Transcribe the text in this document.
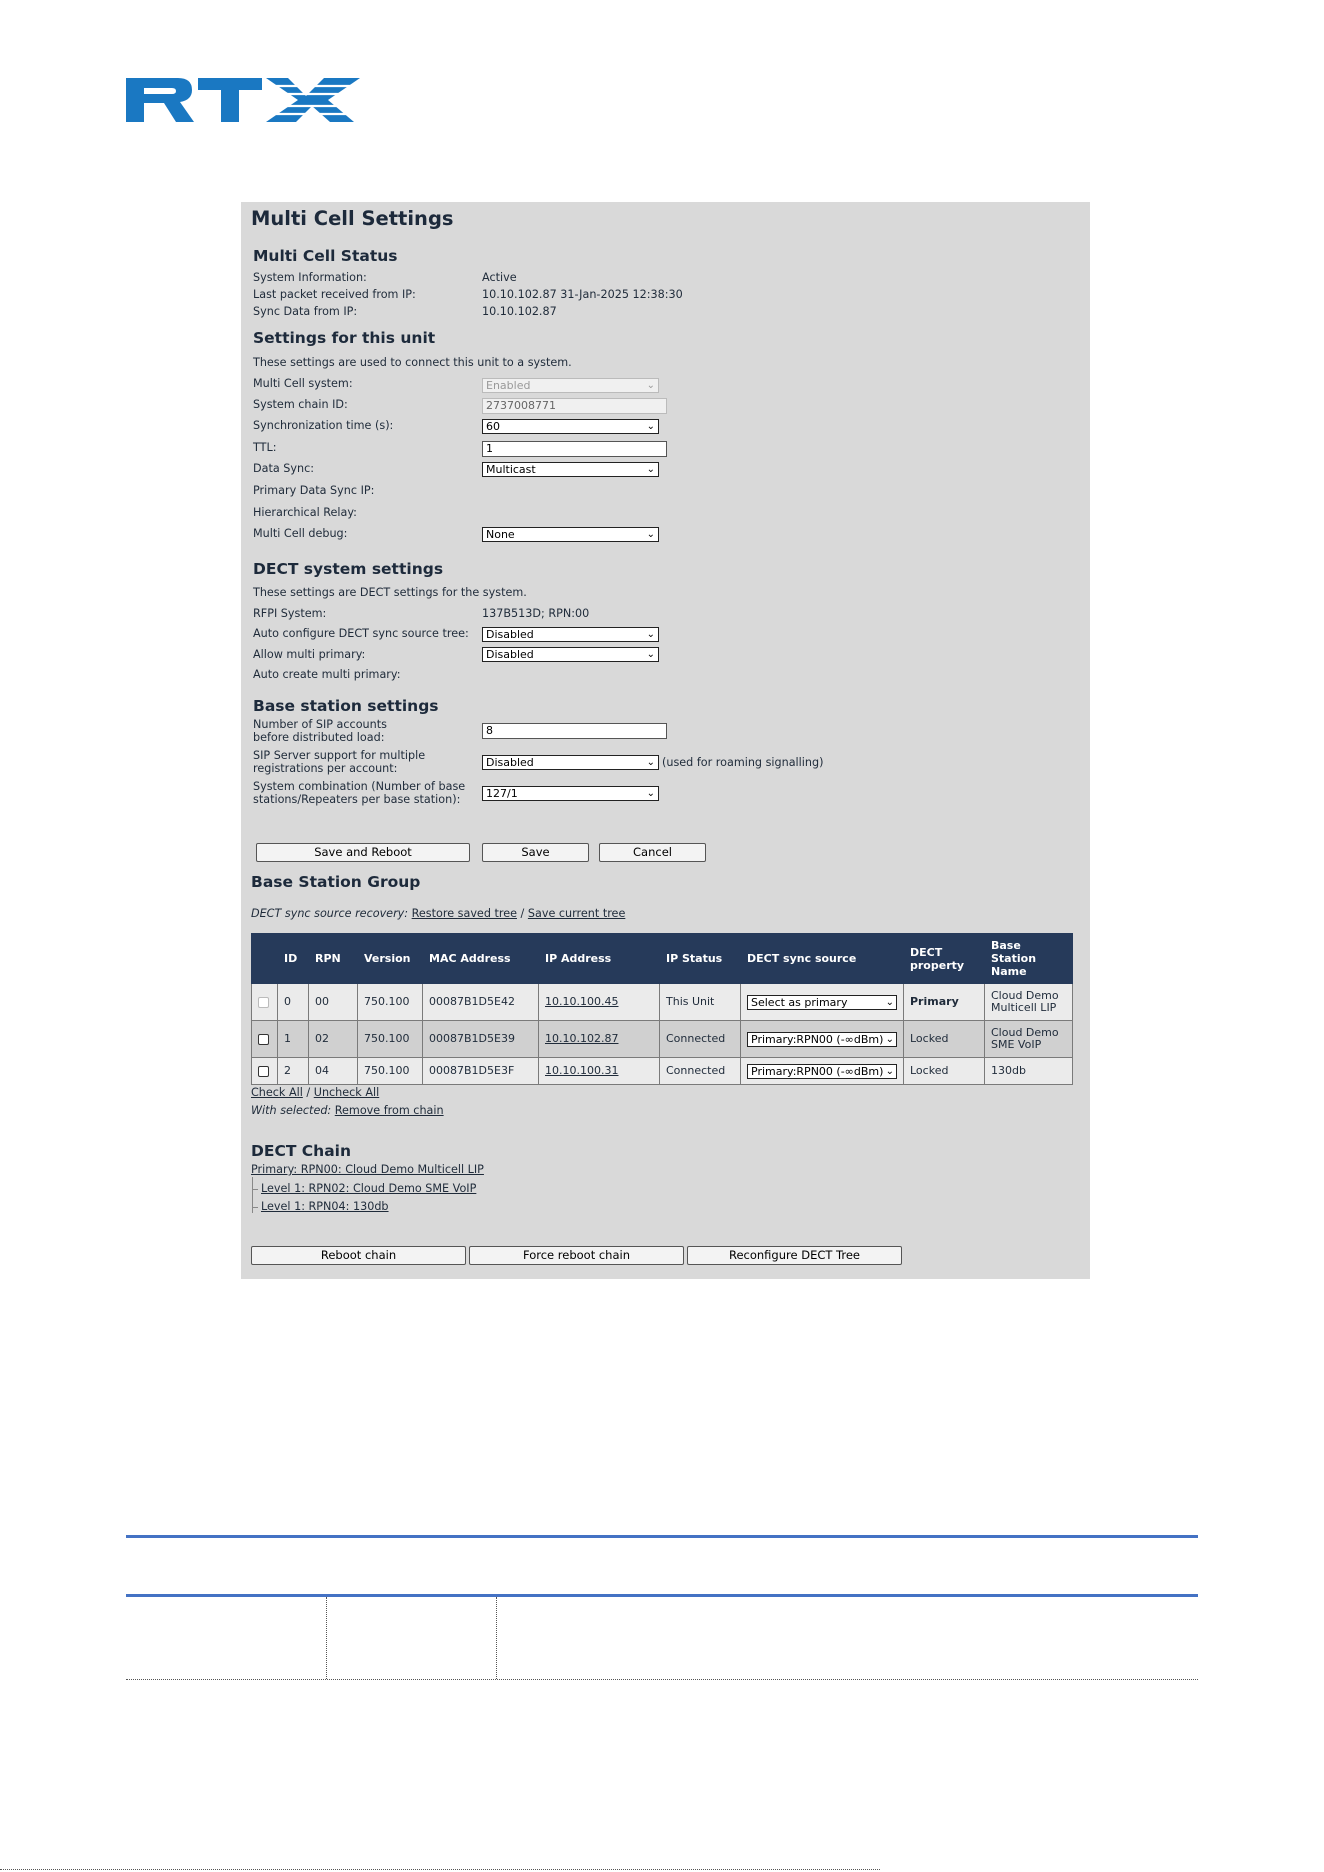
Multi Cell Settings
Multi Cell Status
System Information:	Active
Last packet received from IP:	10.10.102.87 31-Jan-2025 12:38:30
Sync Data from IP:	10.10.102.87
Settings for this unit
These settings are used to connect this unit to a system.
Multi Cell system:	Enabled	⌄
System chain ID:	2737008771
Synchronization time (s):	60	⌄
TTL:	1
Data Sync:	Multicast	⌄
Primary Data Sync IP:
Hierarchical Relay:
Multi Cell debug:	None	⌄
DECT system settings
These settings are DECT settings for the system.
RFPI System:	137B513D; RPN:00
Auto configure DECT sync source tree:	Disabled	⌄
Allow multi primary:	Disabled	⌄
Auto create multi primary:
Base station settings
Number of SIP accounts before distributed load:
8
SIP Server support for multiple registrations per account:	Disabled	⌄ (used for roaming signalling)
System combination (Number of base stations/Repeaters per base station):	127/1	⌄
Save and Reboot	Save	Cancel
Base Station Group
DECT sync source recovery: Restore saved tree / Save current tree
	ID	RPN	Version	MAC Address	IP Address	IP Status	DECT sync source	DECT property	Base Station Name
	0	00	750.100	00087B1D5E42	10.10.100.45	This Unit	Select as primary ⌄	Primary	Cloud Demo Multicell LIP
	1	02	750.100	00087B1D5E39	10.10.102.87	Connected	Primary:RPN00 (-∞dBm) ⌄	Locked	Cloud Demo SME VoIP
	2	04	750.100	00087B1D5E3F	10.10.100.31	Connected	Primary:RPN00 (-∞dBm) ⌄	Locked	130db
Check All / Uncheck All
With selected: Remove from chain
DECT Chain
Primary: RPN00: Cloud Demo Multicell LIP
Level 1: RPN02: Cloud Demo SME VoIP
Level 1: RPN04: 130db
Reboot chain	Force reboot chain	Reconfigure DECT Tree
